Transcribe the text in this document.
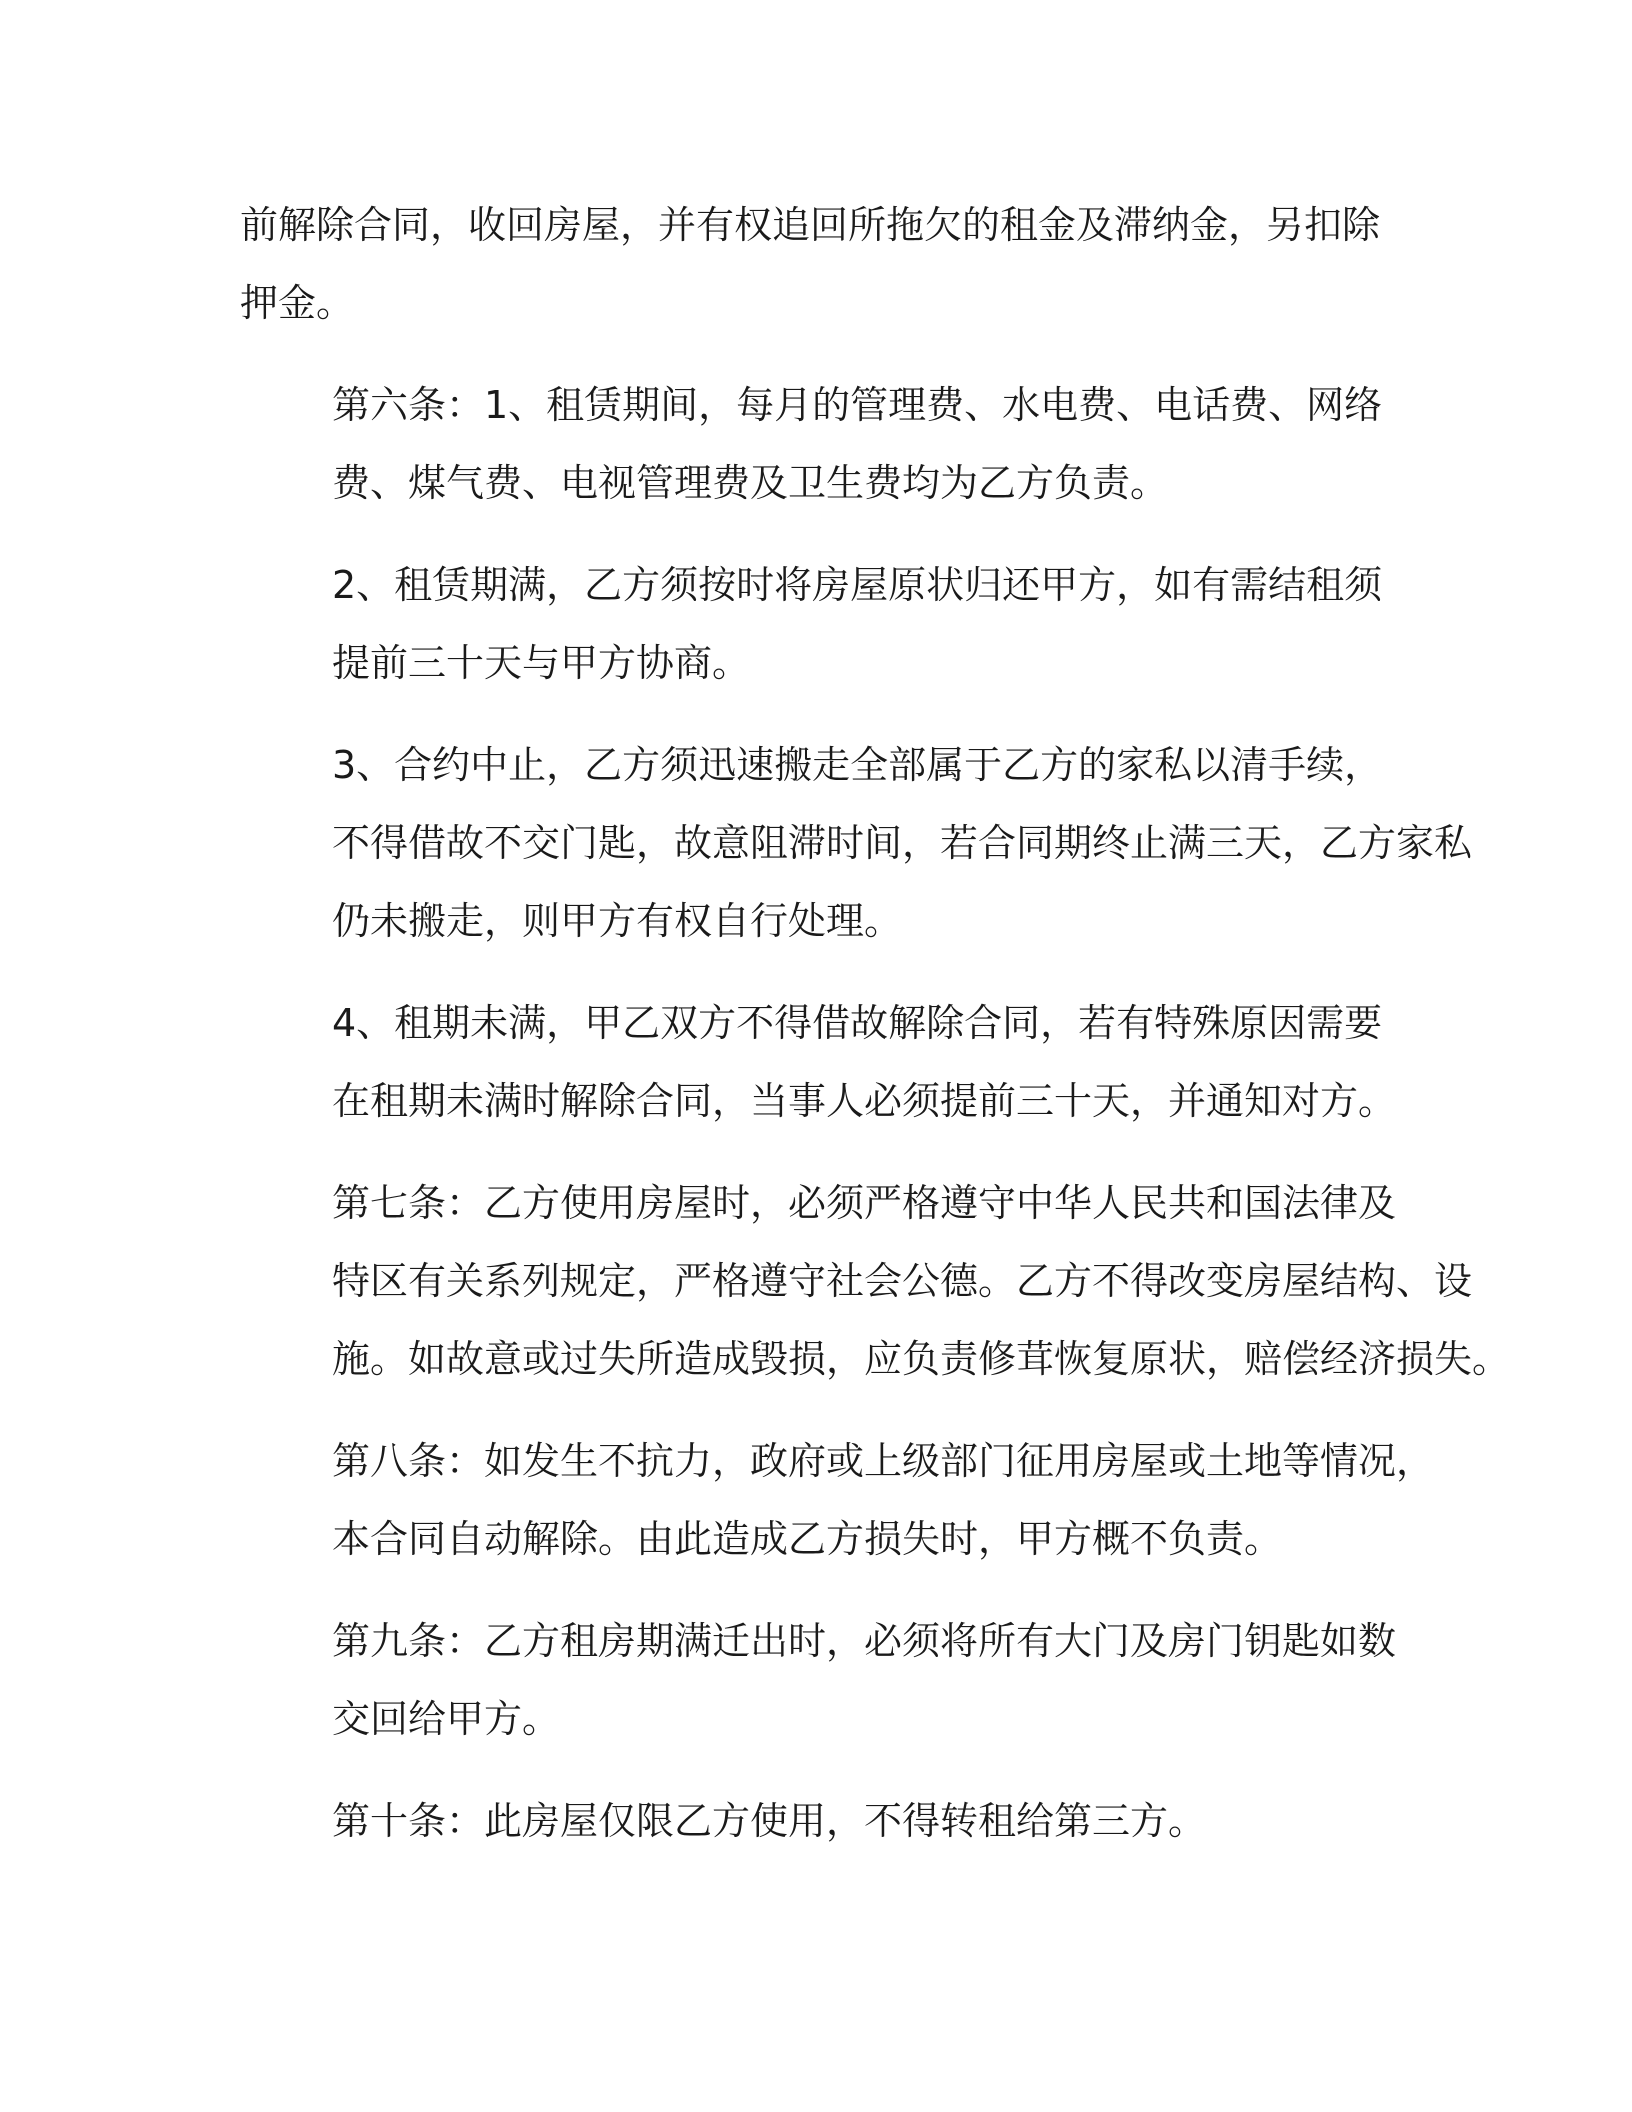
前解除合同，收回房屋，并有权追回所拖欠的租金及滞纳金，另扣除
押金。

第六条：1、租赁期间，每月的管理费、水电费、电话费、网络
费、煤气费、电视管理费及卫生费均为乙方负责。

2、租赁期满，乙方须按时将房屋原状归还甲方，如有需结租须
提前三十天与甲方协商。

3、合约中止，乙方须迅速搬走全部属于乙方的家私以清手续，
不得借故不交门匙，故意阻滞时间，若合同期终止满三天，乙方家私
仍未搬走，则甲方有权自行处理。

4、租期未满，甲乙双方不得借故解除合同，若有特殊原因需要
在租期未满时解除合同，当事人必须提前三十天，并通知对方。

第七条：乙方使用房屋时，必须严格遵守中华人民共和国法律及
特区有关系列规定，严格遵守社会公德。乙方不得改变房屋结构、设
施。如故意或过失所造成毁损，应负责修茸恢复原状，赔偿经济损失。

第八条：如发生不抗力，政府或上级部门征用房屋或土地等情况，
本合同自动解除。由此造成乙方损失时，甲方概不负责。

第九条：乙方租房期满迁出时，必须将所有大门及房门钥匙如数
交回给甲方。

第十条：此房屋仅限乙方使用，不得转租给第三方。
